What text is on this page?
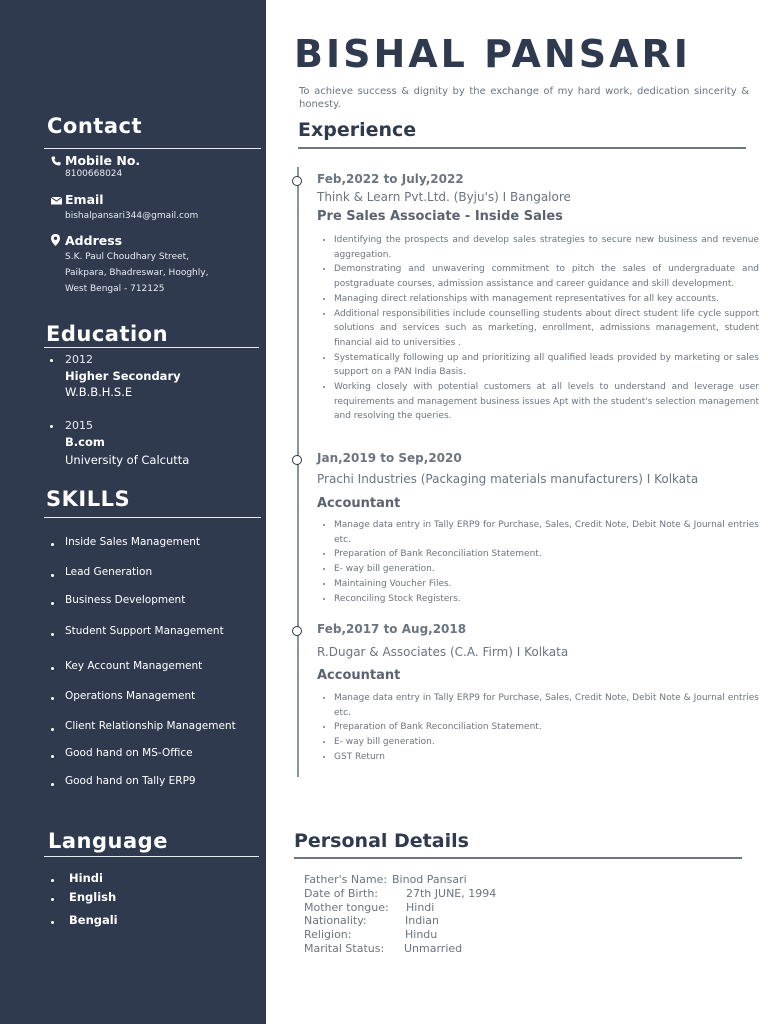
Contact
Mobile No.
8100668024
Email
bishalpansari344@gmail.com
Address
S.K. Paul Choudhary Street,
Paikpara, Bhadreswar, Hooghly,
West Bengal - 712125
Education
2012
Higher Secondary
W.B.B.H.S.E
2015
B.com
University of Calcutta
SKILLS
Inside Sales Management
Lead Generation
Business Development
Student Support Management
Key Account Management
Operations Management
Client Relationship Management
Good hand on MS-Office
Good hand on Tally ERP9
Language
Hindi
English
Bengali
BISHAL PANSARI
To achieve success & dignity by the exchange of my hard work, dedication sincerity & honesty.
Experience
Feb,2022 to July,2022
Think & Learn Pvt.Ltd. (Byju's) I Bangalore
Pre Sales Associate - Inside Sales
• Identifying the prospects and develop sales strategies to secure new business and revenue aggregation.
• Demonstrating and unwavering commitment to pitch the sales of undergraduate and postgraduate courses, admission assistance and career guidance and skill development.
• Managing direct relationships with management representatives for all key accounts.
• Additional responsibilities include counselling students about direct student life cycle support solutions and services such as marketing, enrollment, admissions management, student financial aid to universities .
• Systematically following up and prioritizing all qualified leads provided by marketing or sales support on a PAN India Basis.
• Working closely with potential customers at all levels to understand and leverage user requirements and management business issues Apt with the student's selection management and resolving the queries.
Jan,2019 to Sep,2020
Prachi Industries (Packaging materials manufacturers) I Kolkata
Accountant
• Manage data entry in Tally ERP9 for Purchase, Sales, Credit Note, Debit Note & Journal entries etc.
• Preparation of Bank Reconciliation Statement.
• E- way bill generation.
• Maintaining Voucher Files.
• Reconciling Stock Registers.
Feb,2017 to Aug,2018
R.Dugar & Associates (C.A. Firm) I Kolkata
Accountant
• Manage data entry in Tally ERP9 for Purchase, Sales, Credit Note, Debit Note & Journal entries etc.
• Preparation of Bank Reconciliation Statement.
• E- way bill generation.
• GST Return
Personal Details
Father's Name: Binod Pansari
Date of Birth:	27th JUNE, 1994
Mother tongue: Hindi
Nationality:	Indian
Religion:	Hindu
Marital Status: Unmarried
